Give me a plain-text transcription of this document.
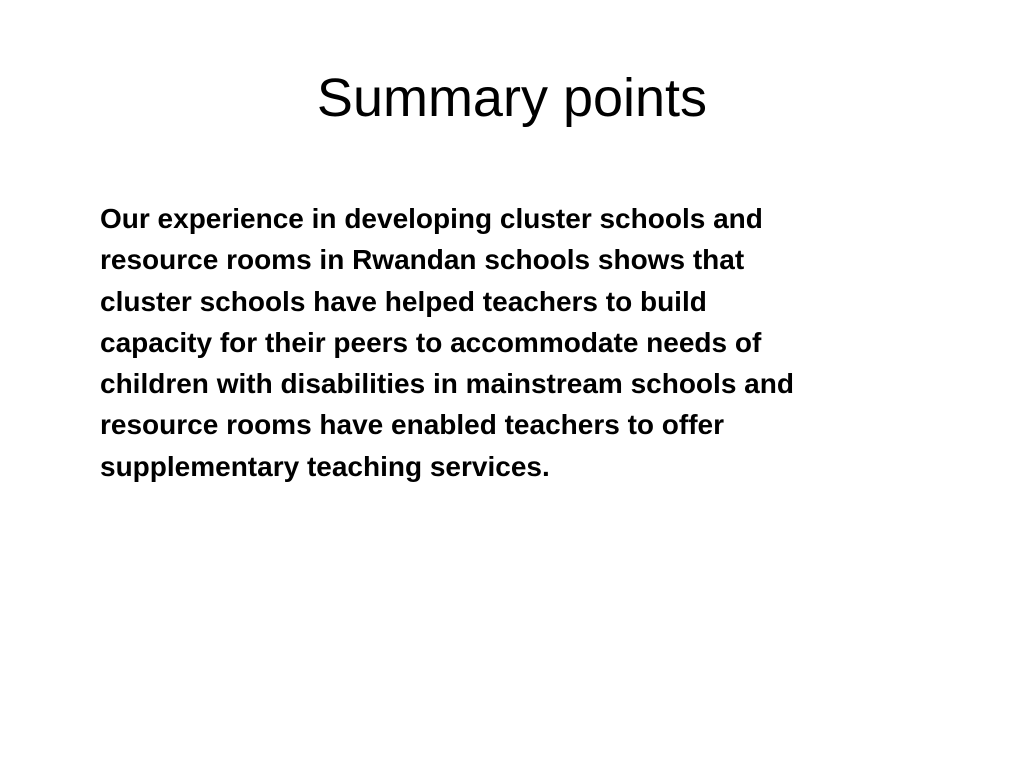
Summary points

Our experience in developing cluster schools and
resource rooms in Rwandan schools shows that
cluster schools have helped teachers to build
capacity for their peers to accommodate needs of
children with disabilities in mainstream schools and
resource rooms have enabled teachers to offer
supplementary teaching services.
